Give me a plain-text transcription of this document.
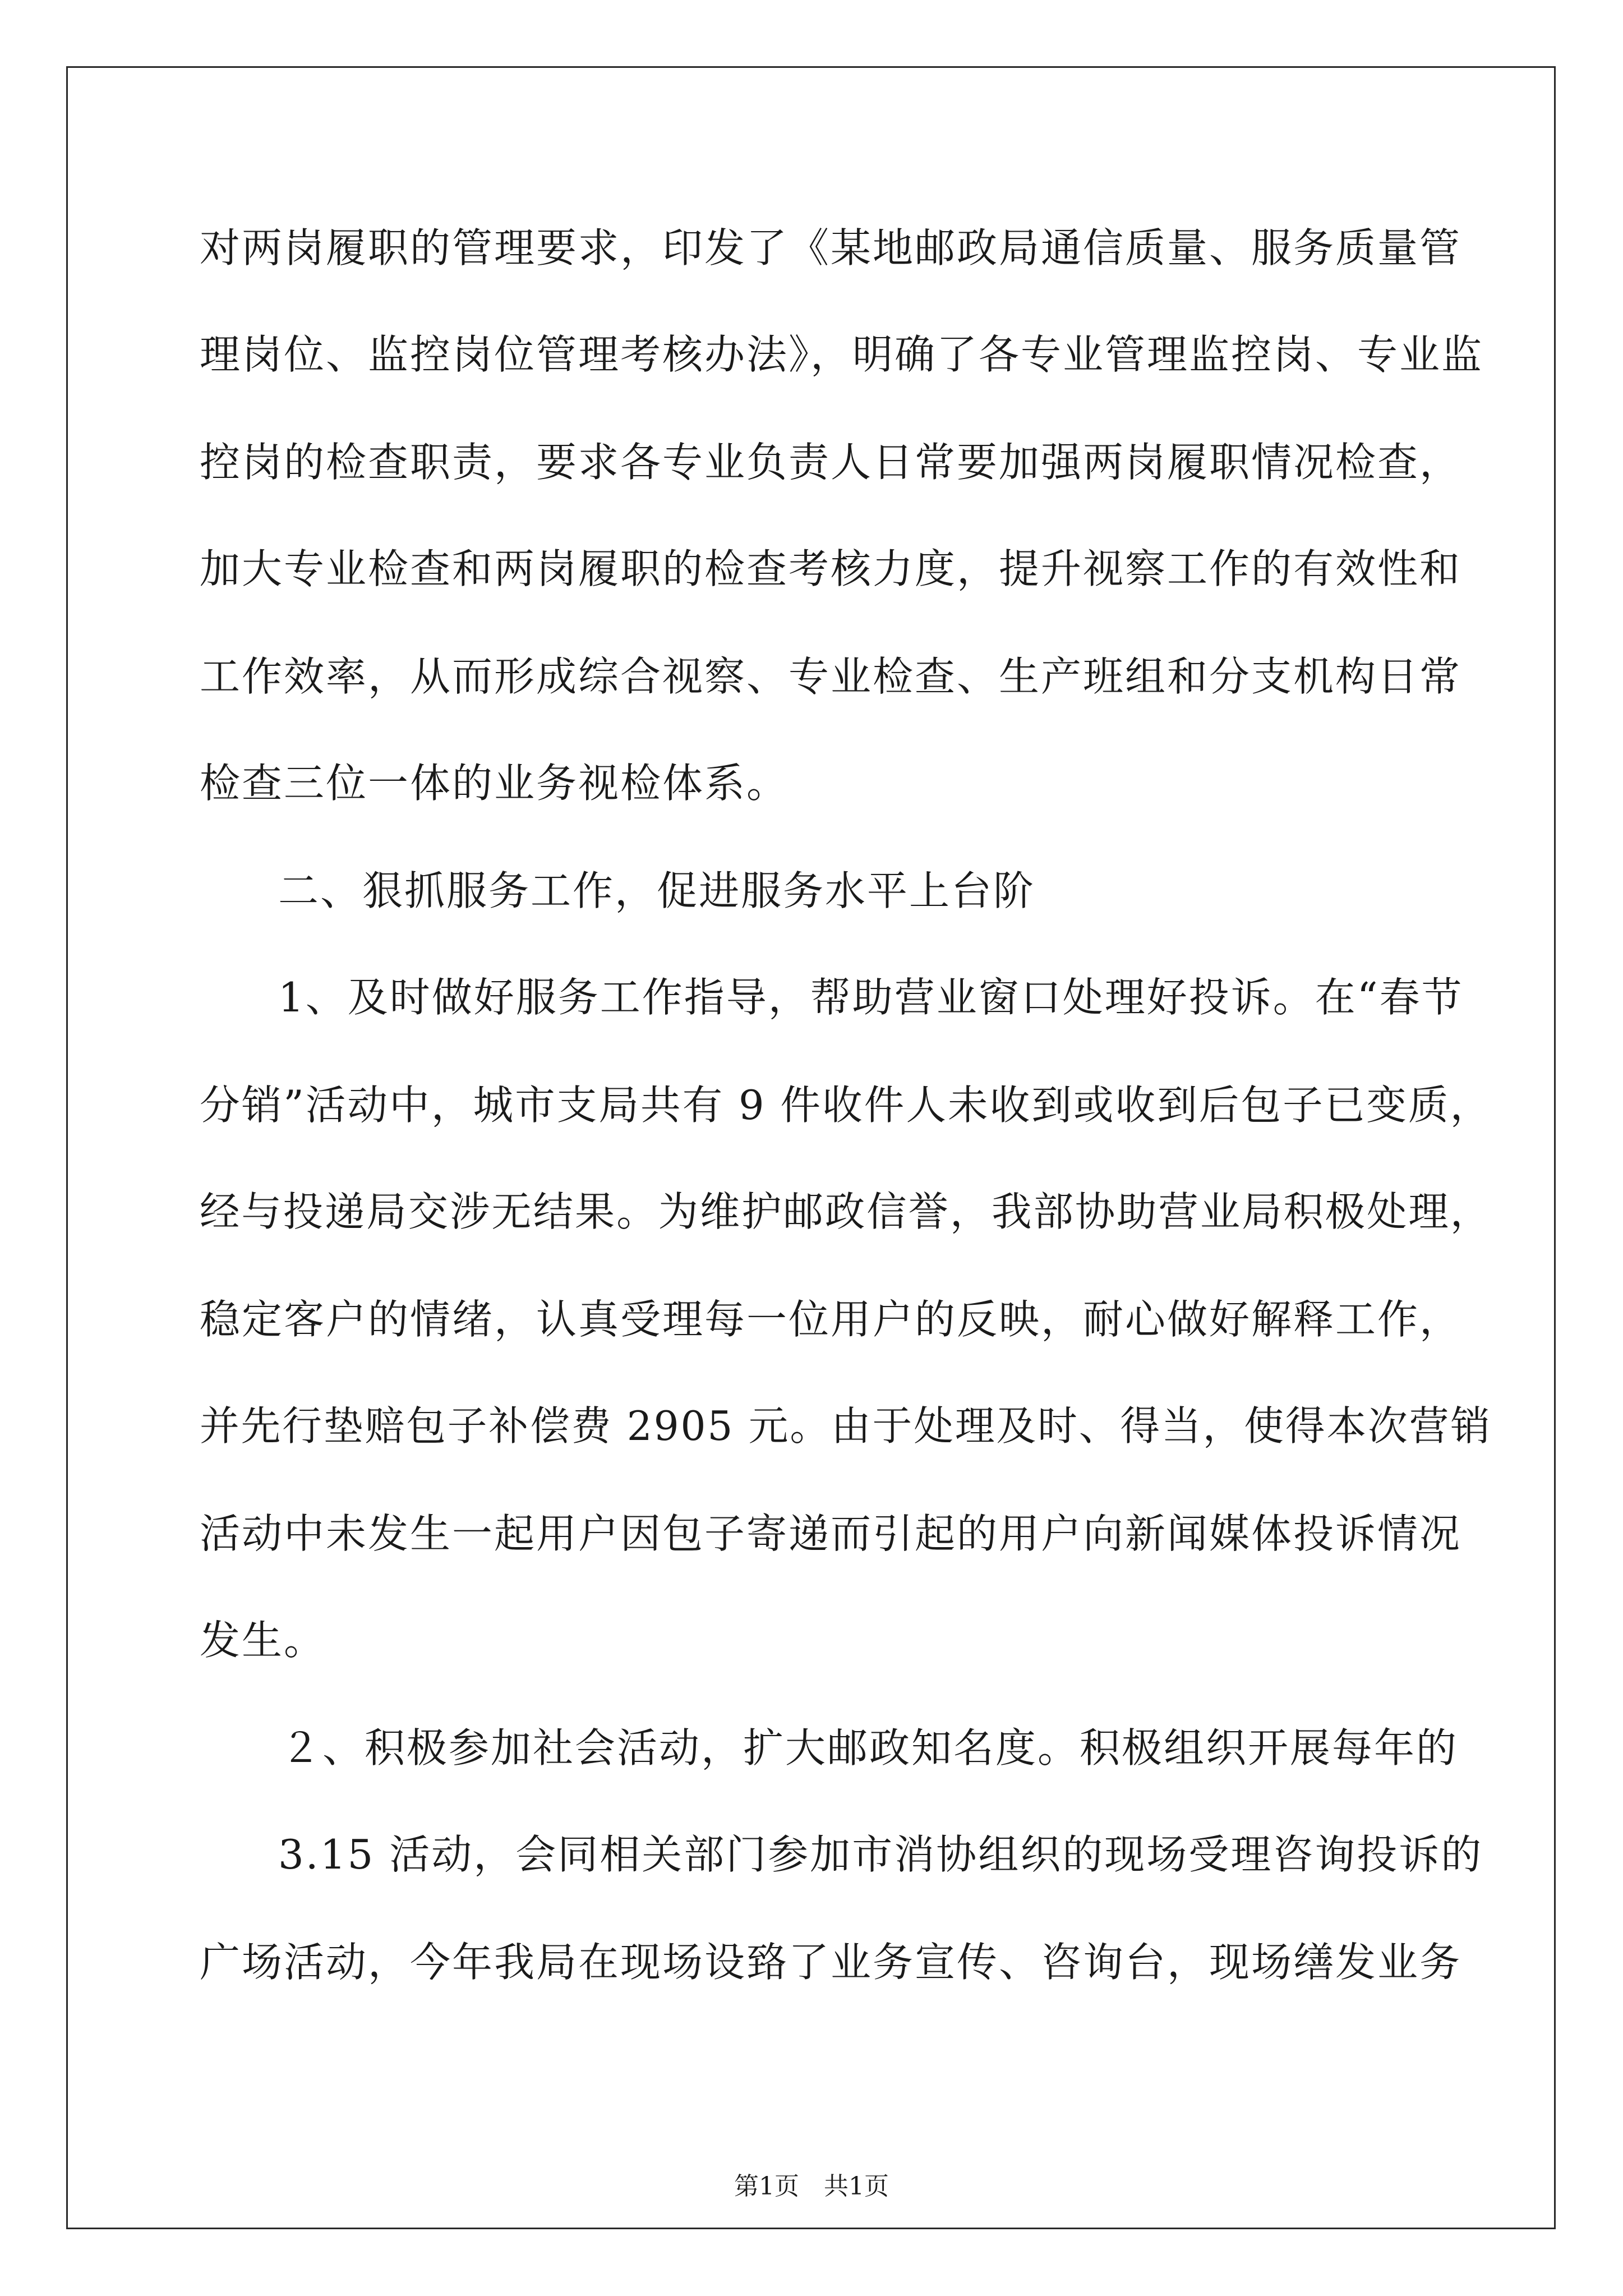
对两岗履职的管理要求，印发了《某地邮政局通信质量、服务质量管
理岗位、监控岗位管理考核办法》，明确了各专业管理监控岗、专业监
控岗的检查职责，要求各专业负责人日常要加强两岗履职情况检查，
加大专业检查和两岗履职的检查考核力度，提升视察工作的有效性和
工作效率，从而形成综合视察、专业检查、生产班组和分支机构日常
检查三位一体的业务视检体系。
二、狠抓服务工作，促进服务水平上台阶
1、及时做好服务工作指导，帮助营业窗口处理好投诉。在“春节
分销”活动中，城市支局共有 9 件收件人未收到或收到后包子已变质，
经与投递局交涉无结果。为维护邮政信誉，我部协助营业局积极处理，
稳定客户的情绪，认真受理每一位用户的反映，耐心做好解释工作，
并先行垫赔包子补偿费 2905 元。由于处理及时、得当，使得本次营销
活动中未发生一起用户因包子寄递而引起的用户向新闻媒体投诉情况
发生。
２、积极参加社会活动，扩大邮政知名度。积极组织开展每年的
3.15 活动，会同相关部门参加市消协组织的现场受理咨询投诉的
广场活动，今年我局在现场设臵了业务宣传、咨询台，现场缮发业务
第1页　共1页
